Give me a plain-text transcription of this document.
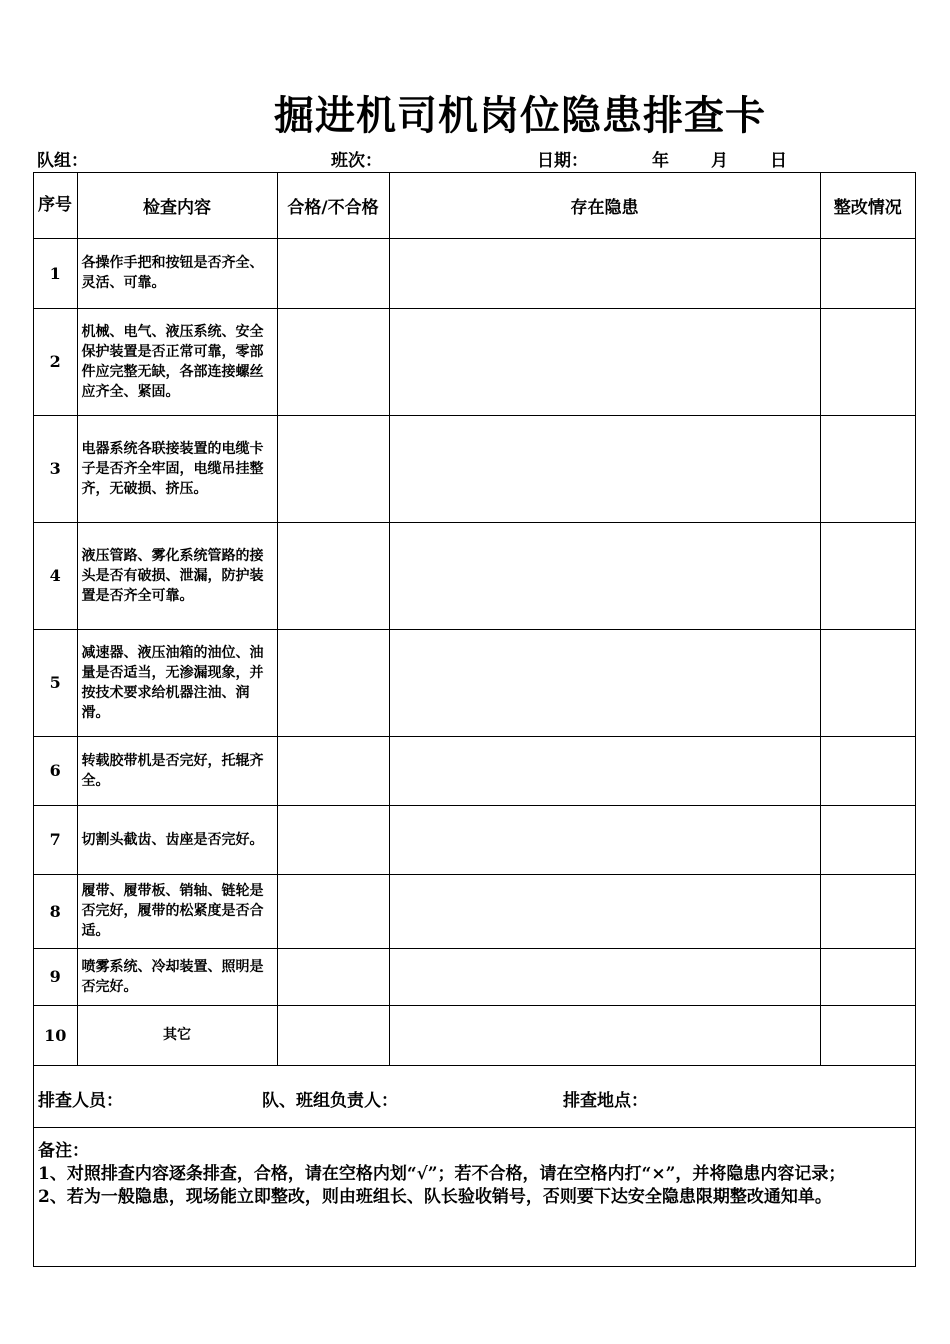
掘进机司机岗位隐患排查卡
队组：	班次：	日期：	年 月 日
序号	检查内容	合格/不合格	存在隐患	整改情况
1	各操作手把和按钮是否齐全、灵活、可靠。			
2	机械、电气、液压系统、安全保护装置是否正常可靠，零部件应完整无缺，各部连接螺丝应齐全、紧固。			
3	电器系统各联接装置的电缆卡子是否齐全牢固，电缆吊挂整齐，无破损、挤压。			
4	液压管路、雾化系统管路的接头是否有破损、泄漏，防护装置是否齐全可靠。			
5	减速器、液压油箱的油位、油量是否适当，无渗漏现象，并按技术要求给机器注油、润滑。			
6	转载胶带机是否完好，托辊齐全。			
7	切割头截齿、齿座是否完好。			
8	履带、履带板、销轴、链轮是否完好，履带的松紧度是否合适。			
9	喷雾系统、冷却装置、照明是否完好。			
10	其它			
排查人员：	队、班组负责人：	排查地点：

备注：

1、对照排查内容逐条排查，合格，请在空格内划“√”；若不合格，请在空格内打“×”，并将隐患内容记录；

2、若为一般隐患，现场能立即整改，则由班组长、队长验收销号，否则要下达安全隐患限期整改通知单。
